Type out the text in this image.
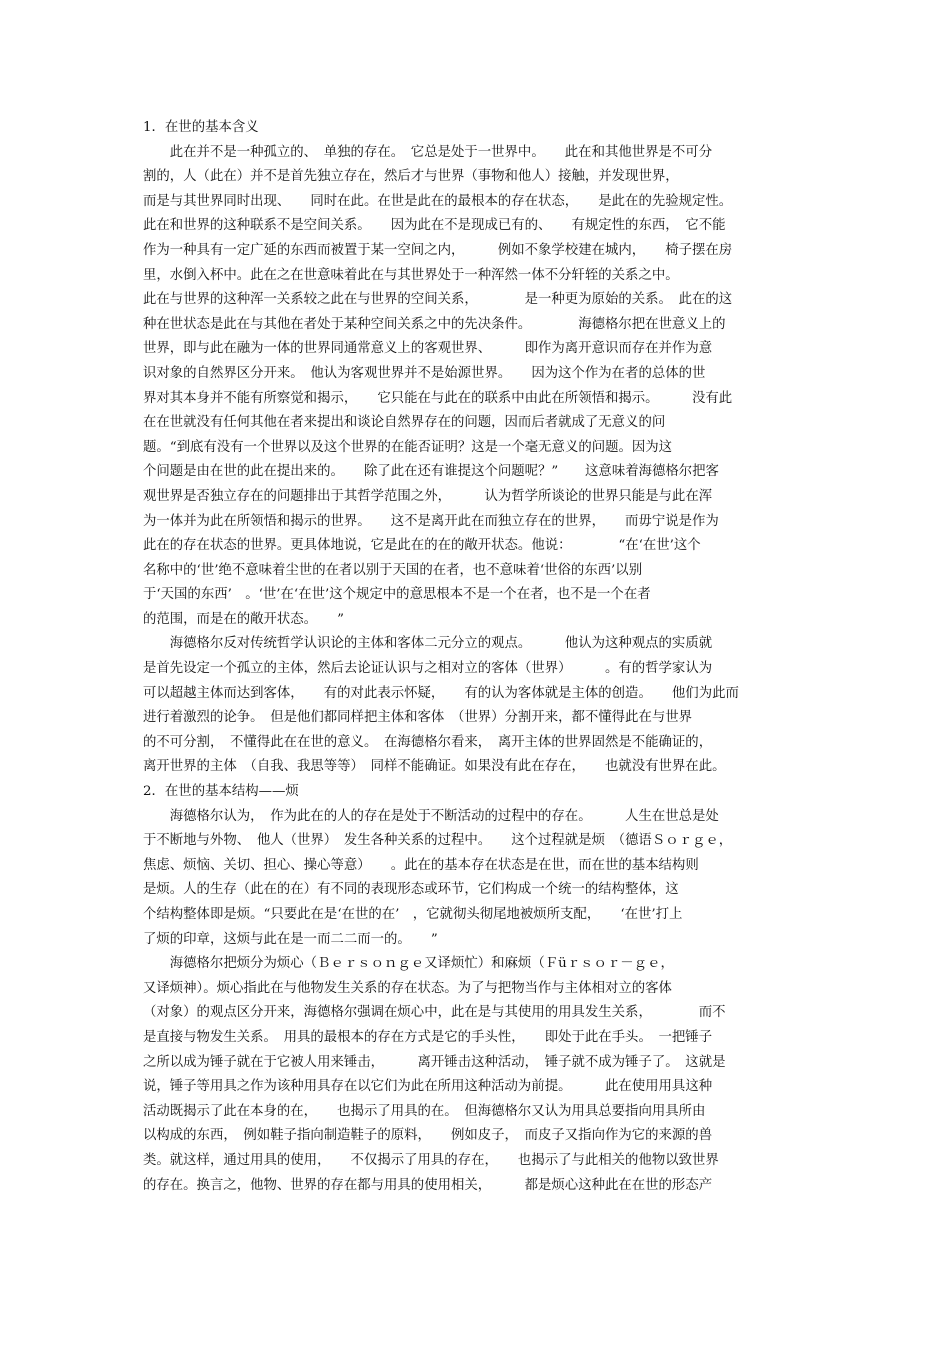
1．在世的基本含义
　　此在并不是一种孤立的、　单独的存在。　它总是处于一世界中。　　此在和其他世界是不可分
割的，人（此在）并不是首先独立存在，然后才与世界（事物和他人）接触，并发现世界，
而是与其世界同时出现、　　同时在此。在世是此在的最根本的存在状态，　　是此在的先验规定性。
此在和世界的这种联系不是空间关系。　　因为此在不是现成已有的、　　有规定性的东西，　它不能
作为一种具有一定广延的东西而被置于某一空间之内，　　　例如不象学校建在城内，　　椅子摆在房
里，水倒入杯中。此在之在世意味着此在与其世界处于一种浑然一体不分轩轾的关系之中。
此在与世界的这种浑一关系较之此在与世界的空间关系，　　　　是一种更为原始的关系。　此在的这
种在世状态是此在与其他在者处于某种空间关系之中的先决条件。　　　　海德格尔把在世意义上的
世界，即与此在融为一体的世界同通常意义上的客观世界、　　　即作为离开意识而存在并作为意
识对象的自然界区分开来。　他认为客观世界并不是始源世界。　　因为这个作为在者的总体的世
界对其本身并不能有所察觉和揭示，　　它只能在与此在的联系中由此在所领悟和揭示。　　　没有此
在在世就没有任何其他在者来提出和谈论自然界存在的问题，因而后者就成了无意义的问
题。“到底有没有一个世界以及这个世界的在能否证明？这是一个毫无意义的问题。因为这
个问题是由在世的此在提出来的。　　除了此在还有谁提这个问题呢？”　　这意味着海德格尔把客
观世界是否独立存在的问题排出于其哲学范围之外，　　　认为哲学所谈论的世界只能是与此在浑
为一体并为此在所领悟和揭示的世界。　　这不是离开此在而独立存在的世界，　　而毋宁说是作为
此在的存在状态的世界。更具体地说，它是此在的在的敞开状态。他说：　　　　“在‘在世’这个
名称中的‘世’绝不意味着尘世的在者以别于天国的在者，也不意味着‘世俗的东西’以别
于‘天国的东西’　。‘世’在‘在世’这个规定中的意思根本不是一个在者，也不是一个在者
的范围，而是在的敞开状态。　　”
　　海德格尔反对传统哲学认识论的主体和客体二元分立的观点。　　　他认为这种观点的实质就
是首先设定一个孤立的主体，然后去论证认识与之相对立的客体（世界）　　　。有的哲学家认为
可以超越主体而达到客体，　　有的对此表示怀疑，　　有的认为客体就是主体的创造。　　他们为此而
进行着激烈的论争。　但是他们都同样把主体和客体　（世界）分割开来，都不懂得此在与世界
的不可分割，　不懂得此在在世的意义。　在海德格尔看来，　离开主体的世界固然是不能确证的，
离开世界的主体　（自我、我思等等）　同样不能确证。如果没有此在存在，　　也就没有世界在此。
2．在世的基本结构——烦
　　海德格尔认为，　作为此在的人的存在是处于不断活动的过程中的存在。　　　人生在世总是处
于不断地与外物、　他人（世界）　发生各种关系的过程中。　　这个过程就是烦　（德语Ｓｏｒｇｅ，
焦虑、烦恼、关切、担心、操心等意）　　。此在的基本存在状态是在世，而在世的基本结构则
是烦。人的生存（此在的在）有不同的表现形态或环节，它们构成一个统一的结构整体，这
个结构整体即是烦。“只要此在是‘在世的在’　，它就彻头彻尾地被烦所支配，　　‘在世’打上
了烦的印章，这烦与此在是一而二二而一的。　　”
　　海德格尔把烦分为烦心（Ｂｅｒｓｏｎｇｅ又译烦忙）和麻烦（Ｆüｒｓｏｒ－ｇｅ，
又译烦神）。烦心指此在与他物发生关系的存在状态。为了与把物当作与主体相对立的客体
（对象）的观点区分开来，海德格尔强调在烦心中，此在是与其使用的用具发生关系，　　　　而不
是直接与物发生关系。　用具的最根本的存在方式是它的手头性，　　即处于此在手头。　一把锤子
之所以成为锤子就在于它被人用来锤击，　　　离开锤击这种活动，　锤子就不成为锤子了。　这就是
说，锤子等用具之作为该种用具存在以它们为此在所用这种活动为前提。　　　此在使用用具这种
活动既揭示了此在本身的在，　　也揭示了用具的在。　但海德格尔又认为用具总要指向用具所由
以构成的东西，　例如鞋子指向制造鞋子的原料，　　例如皮子，　而皮子又指向作为它的来源的兽
类。就这样，通过用具的使用，　　不仅揭示了用具的存在，　　也揭示了与此相关的他物以致世界
的存在。换言之，他物、世界的存在都与用具的使用相关，　　　都是烦心这种此在在世的形态产
